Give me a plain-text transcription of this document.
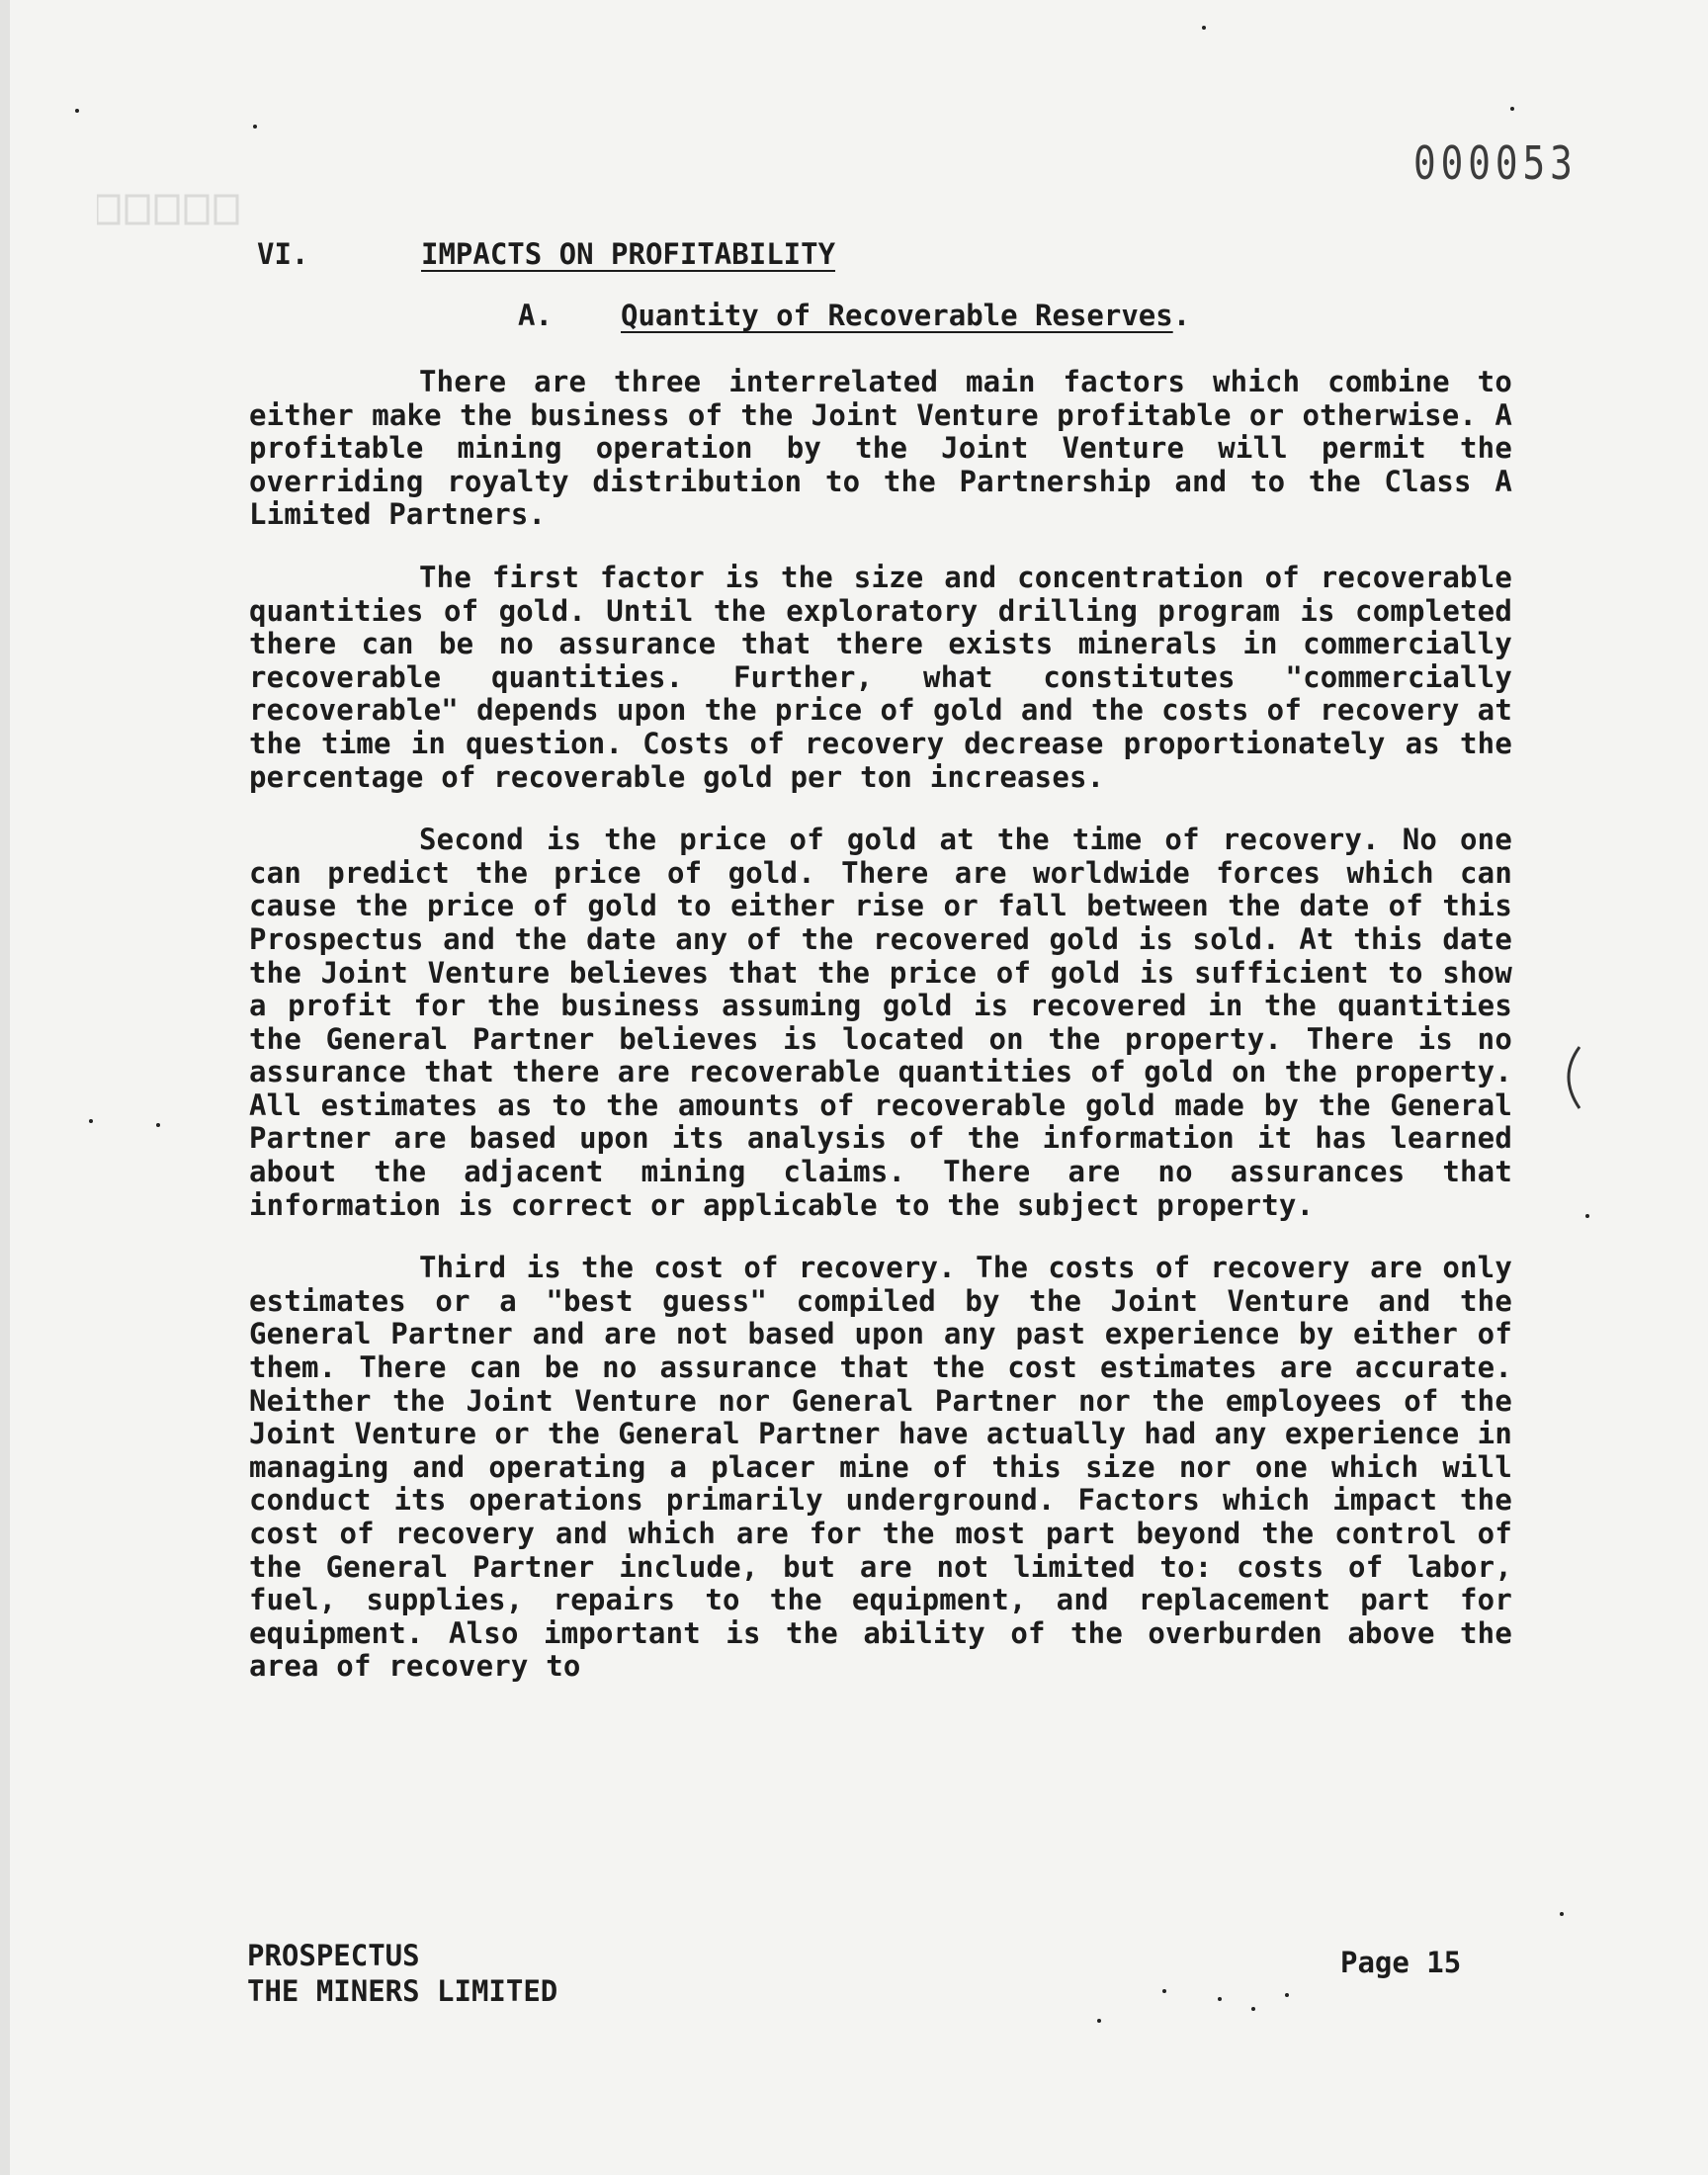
000053
VI.	IMPACTS ON PROFITABILITY
A. Quantity of Recoverable Reserves.

There are three interrelated main factors which combine to either make the business of the Joint Venture profitable or otherwise. A profitable mining operation by the Joint Venture will permit the overriding royalty distribution to the Partnership and to the Class A Limited Partners.

The first factor is the size and concentration of recoverable quantities of gold. Until the exploratory drilling program is completed there can be no assurance that there exists minerals in commercially recoverable quantities. Further, what constitutes "commercially recoverable" depends upon the price of gold and the costs of recovery at the time in question. Costs of recovery decrease proportionately as the percentage of recoverable gold per ton increases.

Second is the price of gold at the time of recovery. No one can predict the price of gold. There are worldwide forces which can cause the price of gold to either rise or fall between the date of this Prospectus and the date any of the recovered gold is sold. At this date the Joint Venture believes that the price of gold is sufficient to show a profit for the business assuming gold is recovered in the quantities the General Partner believes is located on the property. There is no assurance that there are recoverable quantities of gold on the property. All estimates as to the amounts of recoverable gold made by the General Partner are based upon its analysis of the information it has learned about the adjacent mining claims. There are no assurances that information is correct or applicable to the subject property.

Third is the cost of recovery. The costs of recovery are only estimates or a "best guess" compiled by the Joint Venture and the General Partner and are not based upon any past experience by either of them. There can be no assurance that the cost estimates are accurate. Neither the Joint Venture nor General Partner nor the employees of the Joint Venture or the General Partner have actually had any experience in managing and operating a placer mine of this size nor one which will conduct its operations primarily underground. Factors which impact the cost of recovery and which are for the most part beyond the control of the General Partner include, but are not limited to: costs of labor, fuel, supplies, repairs to the equipment, and replacement part for equipment. Also important is the ability of the overburden above the area of recovery to

PROSPECTUS
THE MINERS LIMITED
Page 15
